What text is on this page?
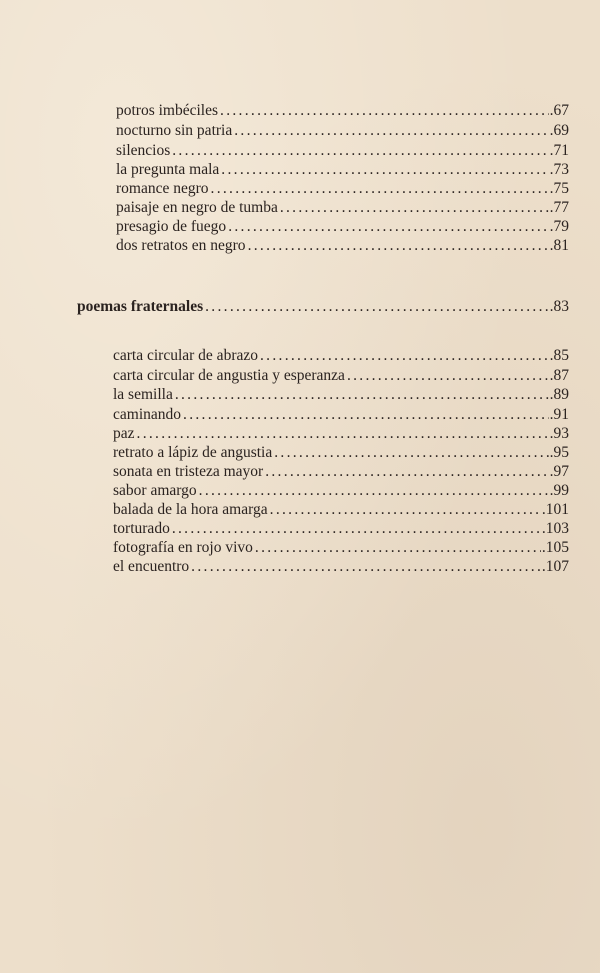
potros imbéciles .....	.67
nocturno sin patria .....	.69
silencios .....	.71
la pregunta mala .....	.73
romance negro .....	.75
paisaje en negro de tumba .....	.77
presagio de fuego .....	.79
dos retratos en negro .....	.81
poemas fraternales .....	.83
carta circular de abrazo .....	.85
carta circular de angustia y esperanza .....	.87
la semilla .....	.89
caminando .....	.91
paz .....	.93
retrato a lápiz de angustia .....	.95
sonata en tristeza mayor .....	.97
sabor amargo .....	.99
balada de la hora amarga .....	.101
torturado .....	.103
fotografía en rojo vivo .....	.105
el encuentro .....	.107
